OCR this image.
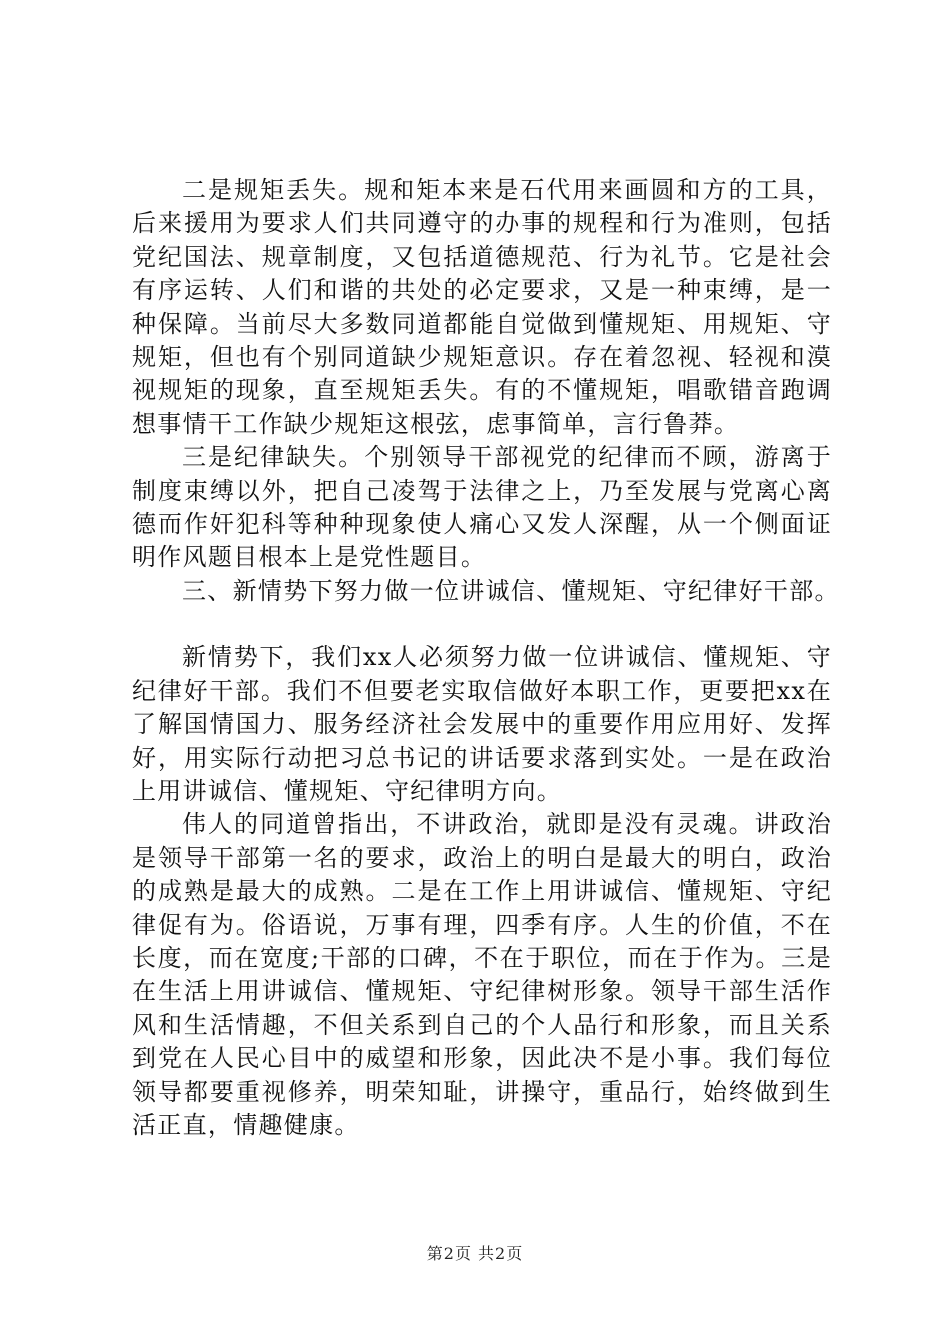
二是规矩丢失。规和矩本来是石代用来画圆和方的工具，后来援用为要求人们共同遵守的办事的规程和行为准则，包括党纪国法、规章制度，又包括道德规范、行为礼节。它是社会有序运转、人们和谐的共处的必定要求，又是一种束缚，是一种保障。当前尽大多数同道都能自觉做到懂规矩、用规矩、守规矩，但也有个别同道缺少规矩意识。存在着忽视、轻视和漠视规矩的现象，直至规矩丢失。有的不懂规矩，唱歌错音跑调想事情干工作缺少规矩这根弦，虑事简单，言行鲁莽。

三是纪律缺失。个别领导干部视党的纪律而不顾，游离于制度束缚以外，把自己凌驾于法律之上，乃至发展与党离心离德而作奸犯科等种种现象使人痛心又发人深醒，从一个侧面证明作风题目根本上是党性题目。

三、新情势下努力做一位讲诚信、懂规矩、守纪律好干部。

新情势下，我们xx人必须努力做一位讲诚信、懂规矩、守纪律好干部。我们不但要老实取信做好本职工作，更要把xx在了解国情国力、服务经济社会发展中的重要作用应用好、发挥好，用实际行动把习总书记的讲话要求落到实处。一是在政治上用讲诚信、懂规矩、守纪律明方向。

伟人的同道曾指出，不讲政治，就即是没有灵魂。讲政治是领导干部第一名的要求，政治上的明白是最大的明白，政治的成熟是最大的成熟。二是在工作上用讲诚信、懂规矩、守纪律促有为。俗语说，万事有理，四季有序。人生的价值，不在长度，而在宽度;干部的口碑，不在于职位，而在于作为。三是在生活上用讲诚信、懂规矩、守纪律树形象。领导干部生活作风和生活情趣，不但关系到自己的个人品行和形象，而且关系到党在人民心目中的威望和形象，因此决不是小事。我们每位领导都要重视修养，明荣知耻，讲操守，重品行，始终做到生活正直，情趣健康。

第2页 共2页
